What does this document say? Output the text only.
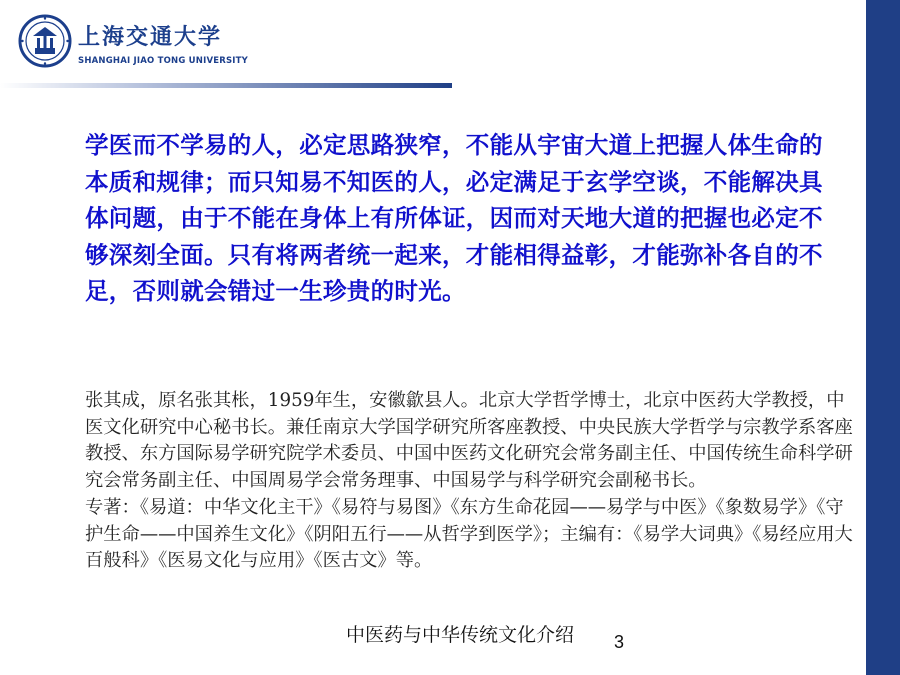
上海交通大学
SHANGHAI JIAO TONG UNIVERSITY
学医而不学易的人，必定思路狭窄，不能从宇宙大道上把握人体生命的本质和规律；而只知易不知医的人，必定满足于玄学空谈，不能解决具体问题，由于不能在身体上有所体证，因而对天地大道的把握也必定不够深刻全面。只有将两者统一起来，才能相得益彰，才能弥补各自的不足，否则就会错过一生珍贵的时光。

张其成，原名张其枨，1959年生，安徽歙县人。北京大学哲学博士，北京中医药大学教授，中医文化研究中心秘书长。兼任南京大学国学研究所客座教授、中央民族大学哲学与宗教学系客座教授、东方国际易学研究院学术委员、中国中医药文化研究会常务副主任、中国传统生命科学研究会常务副主任、中国周易学会常务理事、中国易学与科学研究会副秘书长。

专著：《易道：中华文化主干》《易符与易图》《东方生命花园——易学与中医》《象数易学》《守护生命——中国养生文化》《阴阳五行——从哲学到医学》；主编有：《易学大词典》《易经应用大百般科》《医易文化与应用》《医古文》等。

中医药与中华传统文化介绍	3
